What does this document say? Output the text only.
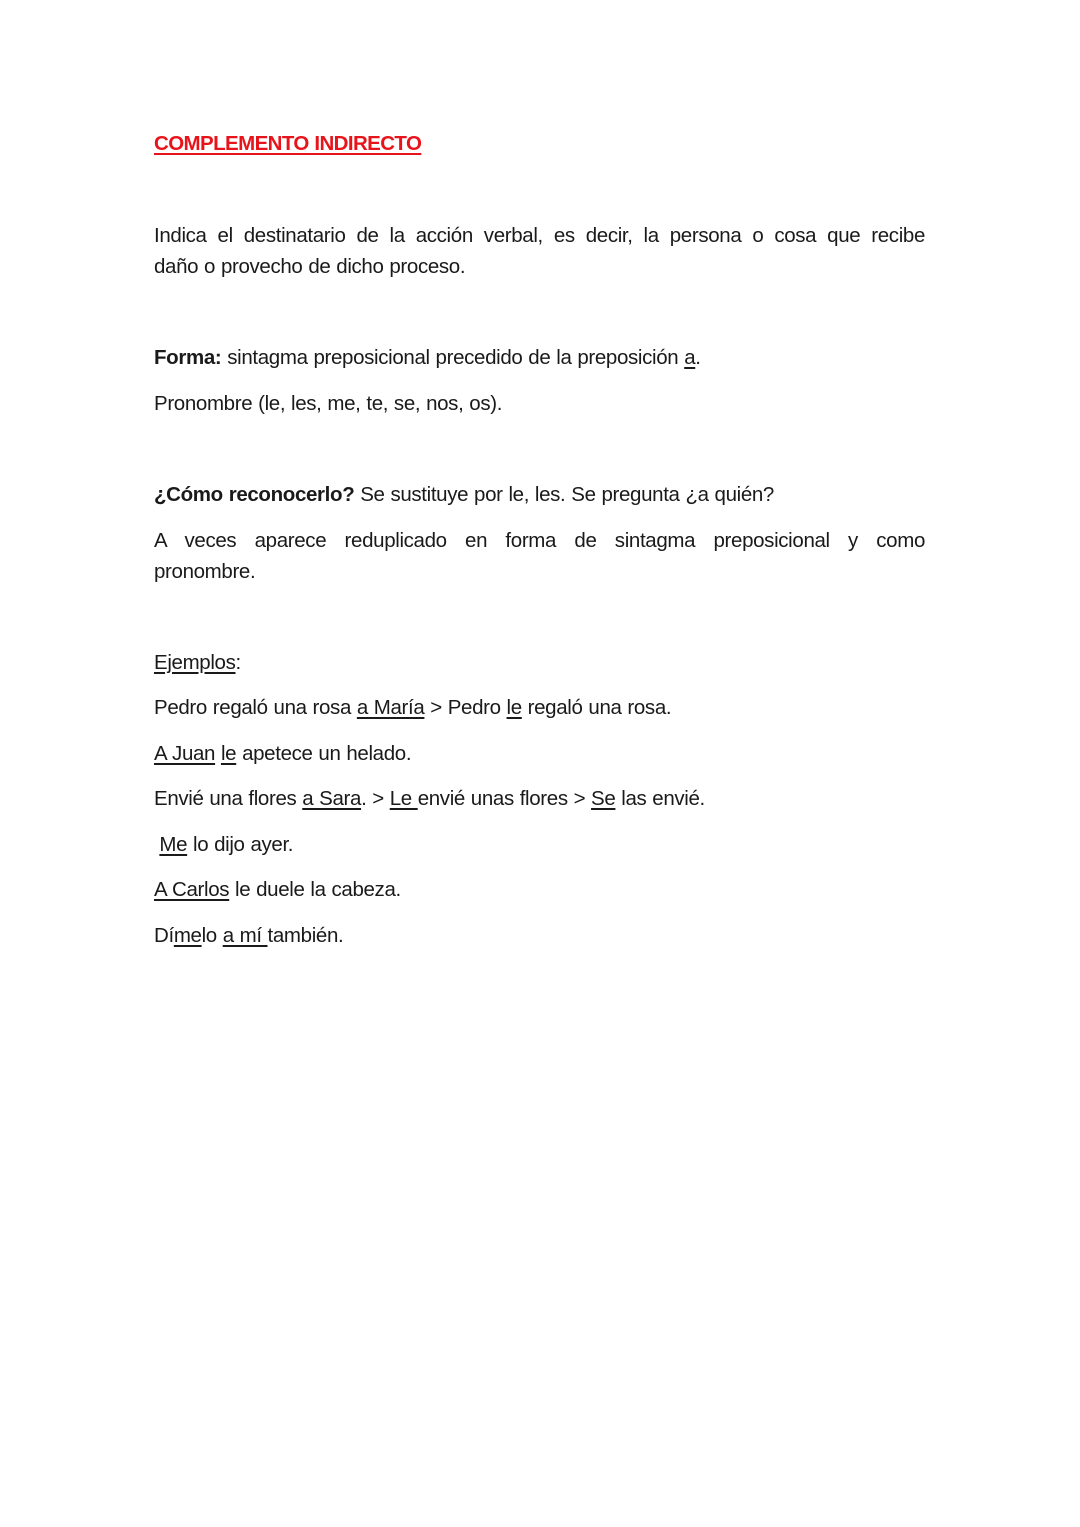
COMPLEMENTO INDIRECTO
Indica el destinatario de la acción verbal, es decir, la persona o cosa que recibe
daño o provecho de dicho proceso.
Forma: sintagma preposicional precedido de la preposición a.
Pronombre (le, les, me, te, se, nos, os).
¿Cómo reconocerlo? Se sustituye por le, les. Se pregunta ¿a quién?
A veces aparece reduplicado en forma de sintagma preposicional y como
pronombre.
Ejemplos:
Pedro regaló una rosa a María > Pedro le regaló una rosa.
A Juan le apetece un helado.
Envié una flores a Sara. > Le envié unas flores > Se las envié.
Me lo dijo ayer.
A Carlos le duele la cabeza.
Dímelo a mí también.
